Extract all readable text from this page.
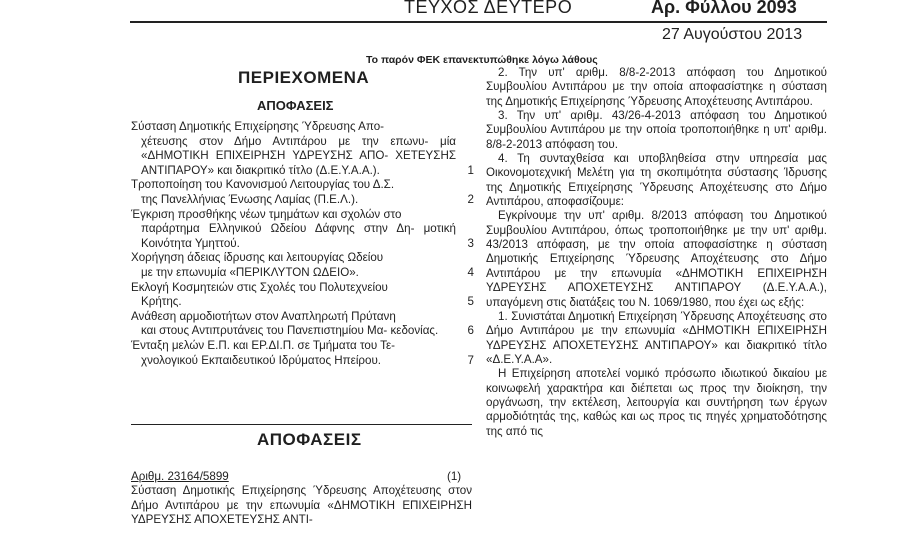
ΤΕΥΧΟΣ ΔΕΥΤΕΡΟ	Αρ. Φύλλου 2093
27 Αυγούστου 2013
Το παρόν ΦΕΚ επανεκτυπώθηκε λόγω λάθους
ΠΕΡΙΕΧΟΜΕΝΑ
ΑΠΟΦΑΣΕΙΣ

Σύσταση Δημοτικής Επιχείρησης Ύδρευσης Απο-

χέτευσης στον Δήμο Αντιπάρου με την επωνυ- μία «ΔΗΜΟΤΙΚΗ ΕΠΙΧΕΙΡΗΣΗ ΥΔΡΕΥΣΗΣ ΑΠΟ- ΧΕΤΕΥΣΗΣ ΑΝΤΙΠΑΡΟΥ» και διακριτικό τίτλο (Δ.Ε.Υ.Α.Α.).	1

Τροποποίηση του Κανονισμού Λειτουργίας του Δ.Σ.

της Πανελλήνιας Ένωσης Λαμίας (Π.Ε.Λ.).	2

Έγκριση προσθήκης νέων τμημάτων και σχολών στο

παράρτημα Ελληνικού Ωδείου Δάφνης στην Δη- μοτική Κοινότητα Υμηττού.	3

Χορήγηση άδειας ίδρυσης και λειτουργίας Ωδείου

με την επωνυμία «ΠΕΡΙΚΛΥΤΟΝ ΩΔΕΙΟ».	4

Εκλογή Κοσμητειών στις Σχολές του Πολυτεχνείου

Κρήτης.	5

Ανάθεση αρμοδιοτήτων στον Αναπληρωτή Πρύτανη

και στους Αντιπρυτάνεις του Πανεπιστημίου Μα- κεδονίας.	6

Ένταξη μελών Ε.Π. και ΕΡ.ΔΙ.Π. σε Τμήματα του Τε-

χνολογικού Εκπαιδευτικού Ιδρύματος Ηπείρου.	7
ΑΠΟΦΑΣΕΙΣ

Αριθμ. 23164/5899

Σύσταση Δημοτικής Επιχείρησης Ύδρευσης Αποχέτευσης στον Δήμο Αντιπάρου με την επωνυμία «ΔΗΜΟΤΙΚΗ ΕΠΙΧΕΙΡΗΣΗ ΥΔΡΕΥΣΗΣ ΑΠΟΧΕΤΕΥΣΗΣ ΑΝΤΙ-

(1)

2. Την υπ' αριθμ. 8/8-2-2013 απόφαση του Δημοτικού Συμβουλίου Αντιπάρου με την οποία αποφασίστηκε η σύσταση της Δημοτικής Επιχείρησης Ύδρευσης Αποχέτευσης Αντιπάρου.

3. Την υπ' αριθμ. 43/26-4-2013 απόφαση του Δημοτικού Συμβουλίου Αντιπάρου με την οποία τροποποιήθηκε η υπ' αριθμ. 8/8-2-2013 απόφαση του.

4. Τη συνταχθείσα και υποβληθείσα στην υπηρεσία μας Οικονομοτεχνική Μελέτη για τη σκοπιμότητα σύστασης Ίδρυσης της Δημοτικής Επιχείρησης Ύδρευσης Αποχέτευσης στο Δήμο Αντιπάρου, αποφασίζουμε:

Εγκρίνουμε την υπ' αριθμ. 8/2013 απόφαση του Δημοτικού Συμβουλίου Αντιπάρου, όπως τροποποιήθηκε με την υπ' αριθμ. 43/2013 απόφαση, με την οποία αποφασίστηκε η σύσταση Δημοτικής Επιχείρησης Ύδρευσης Αποχέτευσης στο Δήμο Αντιπάρου με την επωνυμία «ΔΗΜΟΤΙΚΗ ΕΠΙΧΕΙΡΗΣΗ ΥΔΡΕΥΣΗΣ ΑΠΟΧΕΤΕΥΣΗΣ ΑΝΤΙΠΑΡΟΥ (Δ.Ε.Υ.Α.Α.), υπαγόμενη στις διατάξεις του Ν. 1069/1980, που έχει ως εξής:

1. Συνιστάται Δημοτική Επιχείρηση Ύδρευσης Αποχέτευσης στο Δήμο Αντιπάρου με την επωνυμία «ΔΗΜΟΤΙΚΗ ΕΠΙΧΕΙΡΗΣΗ ΥΔΡΕΥΣΗΣ ΑΠΟΧΕΤΕΥΣΗΣ ΑΝΤΙΠΑΡΟΥ» και διακριτικό τίτλο «Δ.Ε.Υ.Α.Α».

Η Επιχείρηση αποτελεί νομικό πρόσωπο ιδιωτικού δικαίου με κοινωφελή χαρακτήρα και διέπεται ως προς την διοίκηση, την οργάνωση, την εκτέλεση, λειτουργία και συντήρηση των έργων αρμοδιότητάς της, καθώς και ως προς τις πηγές χρηματοδότησης της από τις
